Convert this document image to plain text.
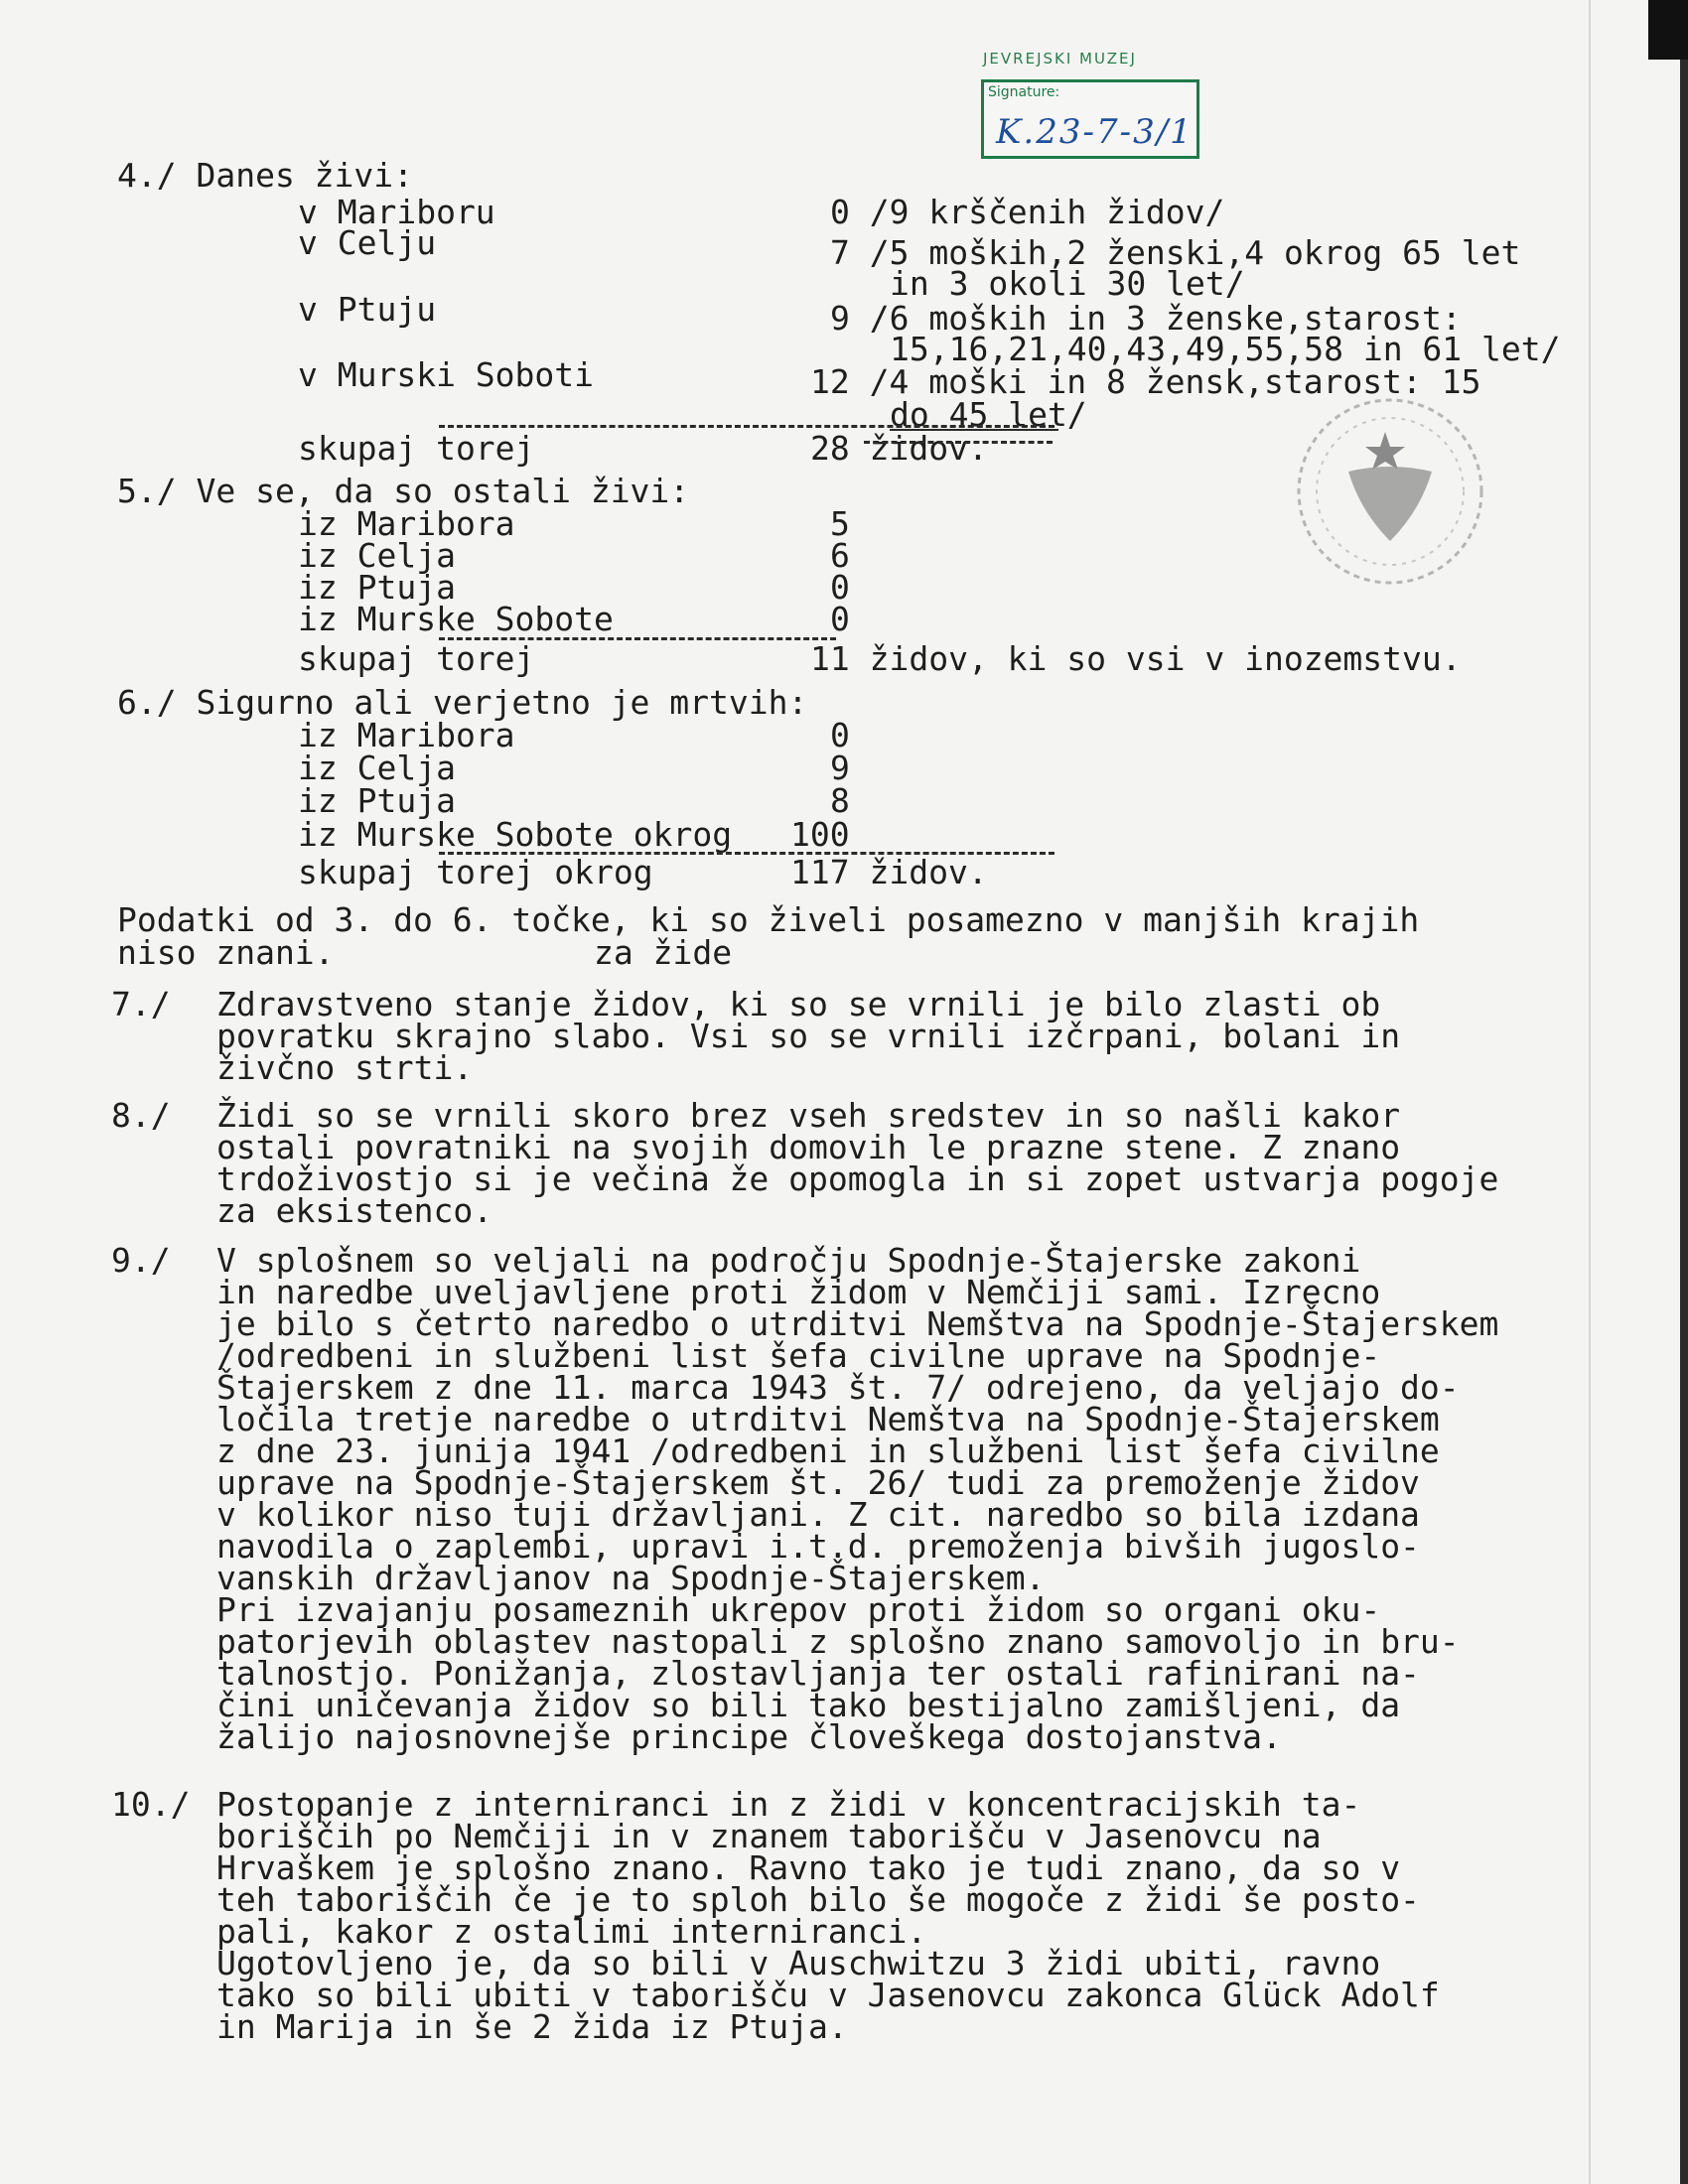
JEVREJSKI MUZEJ
Signature:
K.23-7-3/1
4./ Danes živi:
v Mariboru	0 /9 krščenih židov/
v Celju	7 /5 moških,2 ženski,4 okrog 65 let
in 3 okoli 30 let/
v Ptuju	9 /6 moških in 3 ženske,starost:
15,16,21,40,43,49,55,58 in 61 let/
v Murski Soboti	12 /4 moški in 8 žensk,starost: 15
do 45 let/
skupaj torej	28 židov.
5./ Ve se, da so ostali živi:
iz Maribora	5
iz Celja	6
iz Ptuja	0
iz Murske Sobote	0
skupaj torej	11 židov, ki so vsi v inozemstvu.
6./ Sigurno ali verjetno je mrtvih:
iz Maribora	0
iz Celja	9
iz Ptuja	8
iz Murske Sobote okrog 100
skupaj torej okrog	117 židov.
Podatki od 3. do 6. točke, ki so živeli posamezno v manjših krajih
niso znani.	za žide
7./ Zdravstveno stanje židov, ki so se vrnili je bilo zlasti ob
povratku skrajno slabo. Vsi so se vrnili izčrpani, bolani in
živčno strti.
8./ Židi so se vrnili skoro brez vseh sredstev in so našli kakor
ostali povratniki na svojih domovih le prazne stene. Z znano
trdoživostjo si je večina že opomogla in si zopet ustvarja pogoje
za eksistenco.
9./ V splošnem so veljali na področju Spodnje-Štajerske zakoni
in naredbe uveljavljene proti židom v Nemčiji sami. Izrecno
je bilo s četrto naredbo o utrditvi Nemštva na Spodnje-Štajerskem
/odredbeni in službeni list šefa civilne uprave na Spodnje-
Štajerskem z dne 11. marca 1943 št. 7/ odrejeno, da veljajo do-
ločila tretje naredbe o utrditvi Nemštva na Spodnje-Štajerskem
z dne 23. junija 1941 /odredbeni in službeni list šefa civilne
uprave na Spodnje-Štajerskem št. 26/ tudi za premoženje židov
v kolikor niso tuji državljani. Z cit. naredbo so bila izdana
navodila o zaplembi, upravi i.t.d. premoženja bivših jugoslo-
vanskih državljanov na Spodnje-Štajerskem.
Pri izvajanju posameznih ukrepov proti židom so organi oku-
patorjevih oblastev nastopali z splošno znano samovoljo in bru-
talnostjo. Ponižanja, zlostavljanja ter ostali rafinirani na-
čini uničevanja židov so bili tako bestijalno zamišljeni, da
žalijo najosnovnejše principe človeškega dostojanstva.
10./ Postopanje z interniranci in z židi v koncentracijskih ta-
boriščih po Nemčiji in v znanem taborišču v Jasenovcu na
Hrvaškem je splošno znano. Ravno tako je tudi znano, da so v
teh taboriščih če je to sploh bilo še mogoče z židi še posto-
pali, kakor z ostalimi interniranci.
Ugotovljeno je, da so bili v Auschwitzu 3 židi ubiti, ravno
tako so bili ubiti v taborišču v Jasenovcu zakonca Glück Adolf
in Marija in še 2 žida iz Ptuja.
